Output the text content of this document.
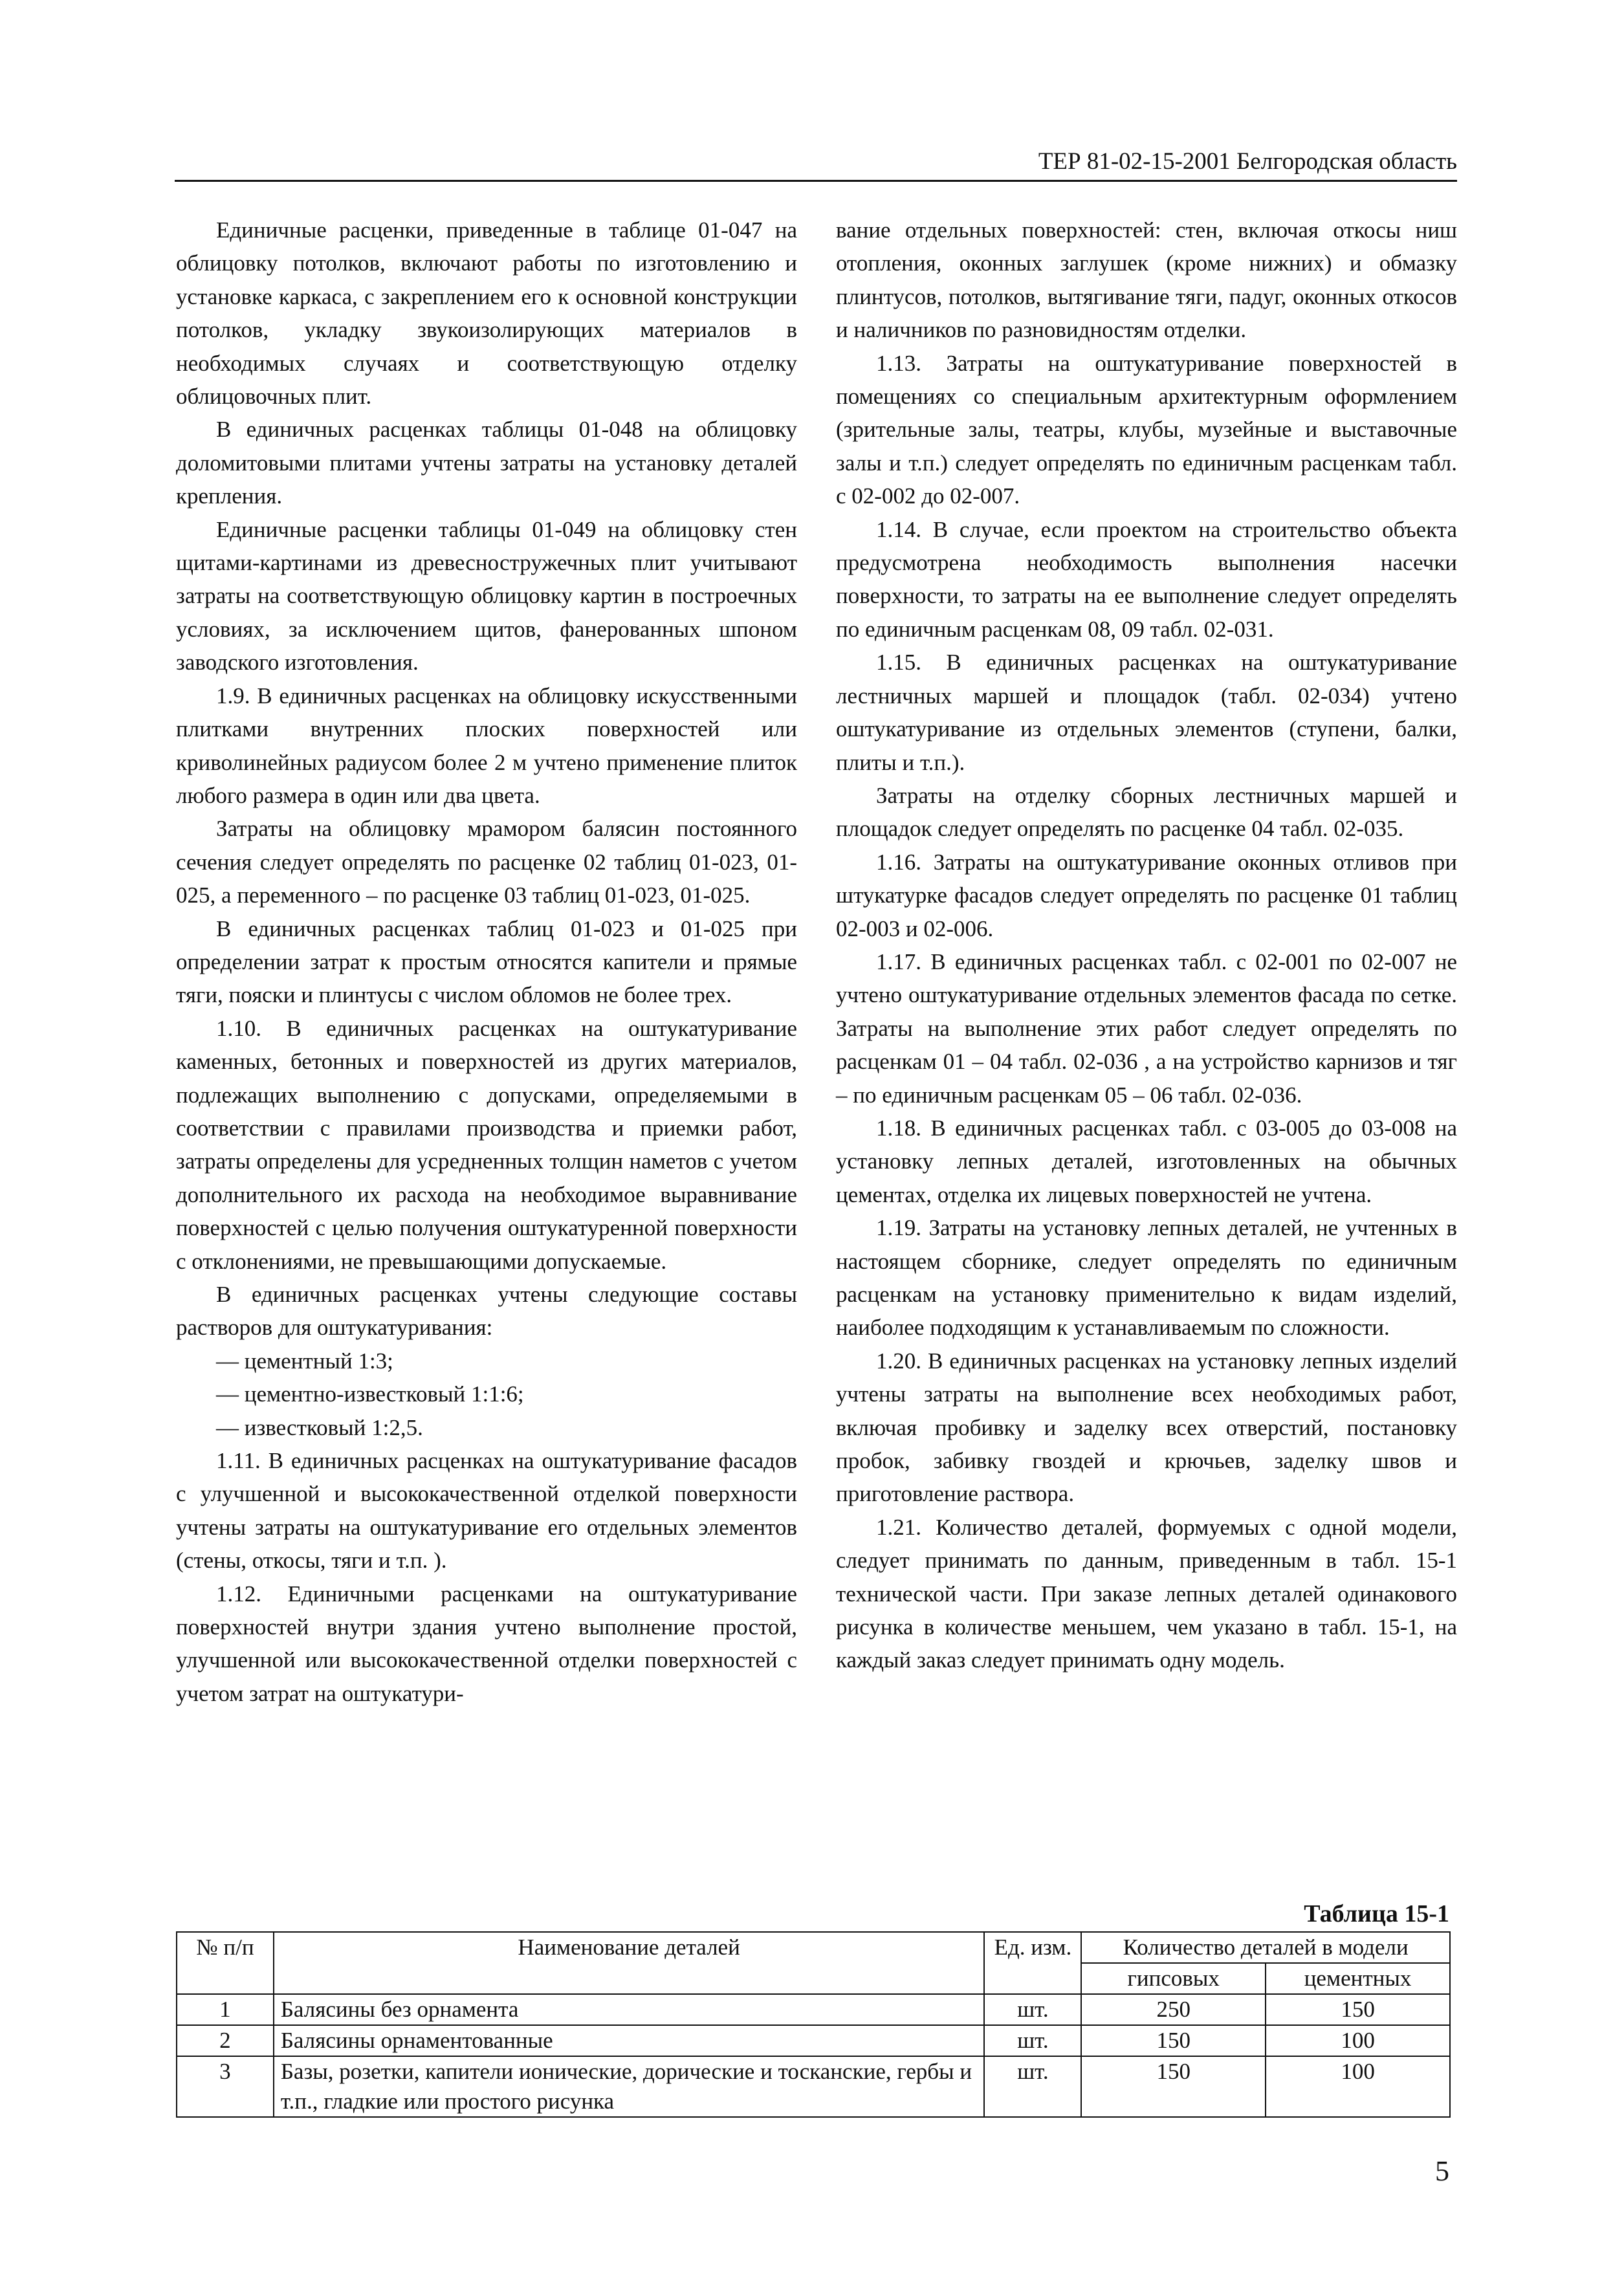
ТЕР 81-02-15-2001 Белгородская область

Единичные расценки, приведенные в таблице 01-047 на облицовку потолков, включают работы по изготовлению и установке каркаса, с закреплением его к основной конструкции потолков, укладку звукоизолирующих материалов в необходимых случаях и соответствующую отделку облицовочных плит.

В единичных расценках таблицы 01-048 на облицовку доломитовыми плитами учтены затраты на установку деталей крепления.

Единичные расценки таблицы 01-049 на облицовку стен щитами-картинами из древесностружечных плит учитывают затраты на соответствующую облицовку картин в построечных условиях, за исключением щитов, фанерованных шпоном заводского изготовления.

1.9. В единичных расценках на облицовку искусственными плитками внутренних плоских поверхностей или криволинейных радиусом более 2 м учтено применение плиток любого размера в один или два цвета.

Затраты на облицовку мрамором балясин постоянного сечения следует определять по расценке 02 таблиц 01-023, 01-025, а переменного – по расценке 03 таблиц 01-023, 01-025.

В единичных расценках таблиц 01-023 и 01-025 при определении затрат к простым относятся капители и прямые тяги, пояски и плинтусы с числом обломов не более трех.

1.10. В единичных расценках на оштукатуривание каменных, бетонных и поверхностей из других материалов, подлежащих выполнению с допусками, определяемыми в соответствии с правилами производства и приемки работ, затраты определены для усредненных толщин наметов с учетом дополнительного их расхода на необходимое выравнивание поверхностей с целью получения оштукатуренной поверхности с отклонениями, не превышающими допускаемые.

В единичных расценках учтены следующие составы растворов для оштукатуривания:

— цементный 1:3;

— цементно-известковый 1:1:6;

— известковый 1:2,5.

1.11. В единичных расценках на оштукатуривание фасадов с улучшенной и высококачественной отделкой поверхности учтены затраты на оштукатуривание его отдельных элементов (стены, откосы, тяги и т.п. ).

1.12. Единичными расценками на оштукатуривание поверхностей внутри здания учтено выполнение простой, улучшенной или высококачественной отделки поверхностей с учетом затрат на оштукатури-

вание отдельных поверхностей: стен, включая откосы ниш отопления, оконных заглушек (кроме нижних) и обмазку плинтусов, потолков, вытягивание тяги, падуг, оконных откосов и наличников по разновидностям отделки.

1.13. Затраты на оштукатуривание поверхностей в помещениях со специальным архитектурным оформлением (зрительные залы, театры, клубы, музейные и выставочные залы и т.п.) следует определять по единичным расценкам табл. с 02-002 до 02-007.

1.14. В случае, если проектом на строительство объекта предусмотрена необходимость выполнения насечки поверхности, то затраты на ее выполнение следует определять по единичным расценкам 08, 09 табл. 02-031.

1.15. В единичных расценках на оштукатуривание лестничных маршей и площадок (табл. 02-034) учтено оштукатуривание из отдельных элементов (ступени, балки, плиты и т.п.).

Затраты на отделку сборных лестничных маршей и площадок следует определять по расценке 04 табл. 02-035.

1.16. Затраты на оштукатуривание оконных отливов при штукатурке фасадов следует определять по расценке 01 таблиц 02-003 и 02-006.

1.17. В единичных расценках табл. с 02-001 по 02-007 не учтено оштукатуривание отдельных элементов фасада по сетке. Затраты на выполнение этих работ следует определять по расценкам 01 – 04 табл. 02-036 , а на устройство карнизов и тяг – по единичным расценкам 05 – 06 табл. 02-036.

1.18. В единичных расценках табл. с 03-005 до 03-008 на установку лепных деталей, изготовленных на обычных цементах, отделка их лицевых поверхностей не учтена.

1.19. Затраты на установку лепных деталей, не учтенных в настоящем сборнике, следует определять по единичным расценкам на установку применительно к видам изделий, наиболее подходящим к устанавливаемым по сложности.

1.20. В единичных расценках на установку лепных изделий учтены затраты на выполнение всех необходимых работ, включая пробивку и заделку всех отверстий, постановку пробок, забивку гвоздей и крючьев, заделку швов и приготовление раствора.

1.21. Количество деталей, формуемых с одной модели, следует принимать по данным, приведенным в табл. 15-1 технической части. При заказе лепных деталей одинакового рисунка в количестве меньшем, чем указано в табл. 15-1, на каждый заказ следует принимать одну модель.

Таблица 15-1
№ п/п	Наименование деталей	Ед. изм.	Количество деталей в модели	
			гипсовых	цементных
1	Балясины без орнамента	шт.	250	150
2	Балясины орнаментованные	шт.	150	100
3	Базы, розетки, капители ионические, дорические и тосканские, гербы и т.п., гладкие или простого рисунка	шт.	150	100
5
